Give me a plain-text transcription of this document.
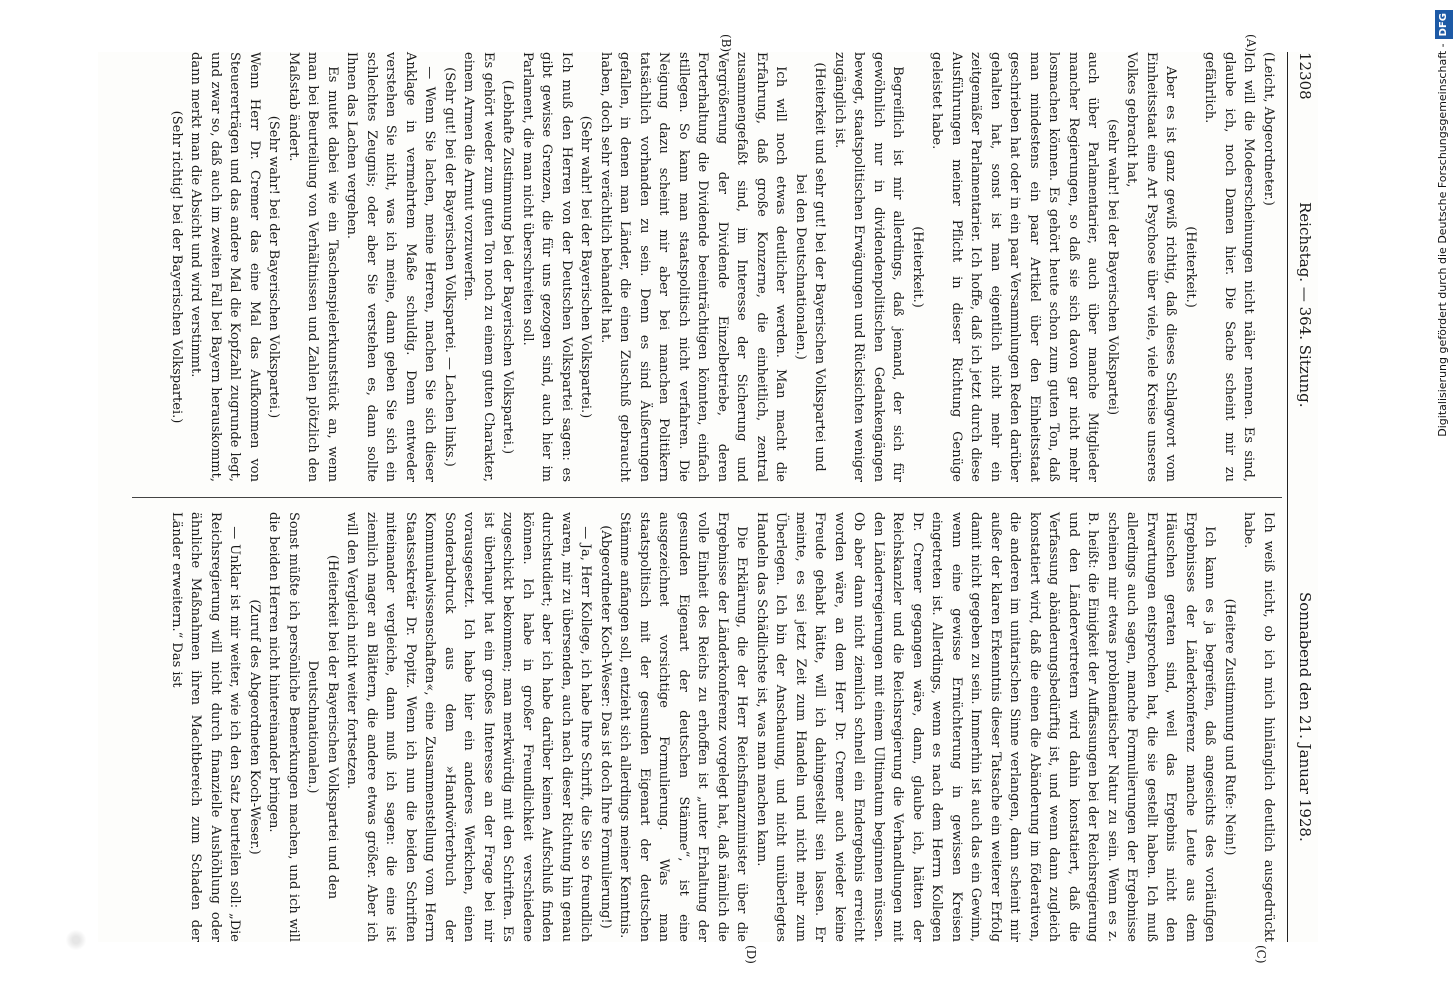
12308
Reichstag. — 364. Sitzung.
Sonnabend den 21. Januar 1928.
(A)
(B)
(C)
(D)

(Leicht, Abgeordneter.)

Ich will die Modeerscheinungen nicht näher nennen. Es sind, glaube ich, noch Damen hier. Die Sache scheint mir zu gefährlich.

(Heiterkeit.)

Aber es ist ganz gewiß richtig, daß dieses Schlagwort vom Einheitsstaat eine Art Psychose über viele, viele Kreise unseres Volkes gebracht hat,

(sehr wahr! bei der Bayerischen Volkspartei)

auch über Parlamentarier, auch über manche Mitglieder mancher Regierungen, so daß sie sich davon gar nicht mehr losmachen können. Es gehört heute schon zum guten Ton, daß man mindestens ein paar Artikel über den Einheitsstaat geschrieben hat oder in ein paar Versammlungen Reden darüber gehalten hat, sonst ist man eigentlich nicht mehr ein zeitgemäßer Parlamentarier. Ich hoffe, daß ich jetzt durch diese Ausführungen meiner Pflicht in dieser Richtung Genüge geleistet habe.

(Heiterkeit.)

Begreiflich ist mir allerdings, daß jemand, der sich für gewöhnlich nur in dividendenpolitischen Gedankengängen bewegt, staatspolitischen Erwägungen und Rücksichten weniger zugänglich ist.

(Heiterkeit und sehr gut! bei der Bayerischen Volkspartei und bei den Deutschnationalen.)

Ich will noch etwas deutlicher werden. Man macht die Erfahrung, daß große Konzerne, die einheitlich, zentral zusammengefaßt sind, im Interesse der Sicherung und Vergrößerung der Dividende Einzelbetriebe, deren Forterhaltung die Dividende beeinträchtigen könnten, einfach stillegen. So kann man staatspolitisch nicht verfahren. Die Neigung dazu scheint mir aber bei manchen Politikern tatsächlich vorhanden zu sein. Denn es sind Äußerungen gefallen, in denen man Länder, die einen Zuschuß gebraucht haben, doch sehr verächtlich behandelt hat.

(Sehr wahr! bei der Bayerischen Volkspartei.)

Ich muß den Herren von der Deutschen Volkspartei sagen: es gibt gewisse Grenzen, die für uns gezogen sind, auch hier im Parlament, die man nicht überschreiten soll.

(Lebhafte Zustimmung bei der Bayerischen Volkspartei.)

Es gehört weder zum guten Ton noch zu einem guten Charakter, einem Armen die Armut vorzuwerfen.

(Sehr gut! bei der Bayerischen Volkspartei. — Lachen links.)

— Wenn Sie lachen, meine Herren, machen Sie sich dieser Anklage in vermehrtem Maße schuldig. Denn entweder verstehen Sie nicht, was ich meine, dann geben Sie sich ein schlechtes Zeugnis; oder aber Sie verstehen es, dann sollte Ihnen das Lachen vergehen.

Es mutet dabei wie ein Taschenspielerkunststück an, wenn man bei Beurteilung von Verhältnissen und Zahlen plötzlich den Maßstab ändert.

(Sehr wahr! bei der Bayerischen Volkspartei.)

Wenn Herr Dr. Cremer das eine Mal das Aufkommen von Steuererträgen und das andere Mal die Kopfzahl zugrunde legt, und zwar so, daß auch im zweiten Fall bei Bayern herauskommt, dann merkt man die Absicht und wird verstimmt.

(Sehr richtig! bei der Bayerischen Volkspartei.)

Ich weiß nicht, ob ich mich hinlänglich deutlich ausgedrückt habe.

(Heitere Zustimmung und Rufe: Nein!)

Ich kann es ja begreifen, daß angesichts des vorläufigen Ergebnisses der Länderkonferenz manche Leute aus dem Häuschen geraten sind, weil das Ergebnis nicht den Erwartungen entsprochen hat, die sie gestellt haben. Ich muß allerdings auch sagen, manche Formulierungen der Ergebnisse scheinen mir etwas problematischer Natur zu sein. Wenn es z. B. heißt: die Einigkeit der Auffassungen bei der Reichsregierung und den Ländervertretern wird dahin konstatiert, daß die Verfassung abänderungsbedürftig ist, und wenn dann zugleich konstatiert wird, daß die einen die Abänderung im föderativen, die anderen im unitarischen Sinne verlangen, dann scheint mir außer der klaren Erkenntnis dieser Tatsache ein weiterer Erfolg damit nicht gegeben zu sein. Immerhin ist auch das ein Gewinn, wenn eine gewisse Ernüchterung in gewissen Kreisen eingetreten ist. Allerdings, wenn es nach dem Herrn Kollegen Dr. Cremer gegangen wäre, dann, glaube ich, hätten der Reichskanzler und die Reichsregierung die Verhandlungen mit den Länderregierungen mit einem Ultimatum beginnen müssen. Ob aber dann nicht ziemlich schnell ein Endergebnis erreicht worden wäre, an dem Herr Dr. Cremer auch wieder keine Freude gehabt hätte, will ich dahingestellt sein lassen. Er meinte, es sei jetzt Zeit zum Handeln und nicht mehr zum Überlegen. Ich bin der Anschauung, und nicht unüberlegtes Handeln das Schädlichste ist, was man machen kann.

Die Erklärung, die der Herr Reichsfinanzminister über die Ergebnisse der Länderkonferenz vorgelegt hat, daß nämlich die volle Einheit des Reichs zu erhoffen ist „unter Erhaltung der gesunden Eigenart der deutschen Stämme“, ist eine ausgezeichnet vorsichtige Formulierung. Was man staatspolitisch mit der gesunden Eigenart der deutschen Stämme anfangen soll, entzieht sich allerdings meiner Kenntnis.

(Abgeordneter Koch-Weser: Das ist doch Ihre Formulierung!)

— Ja, Herr Kollege, ich habe Ihre Schrift, die Sie so freundlich waren, mir zu übersenden, auch nach dieser Richtung hin genau durchstudiert; aber ich habe darüber keinen Aufschluß finden können. Ich habe in großer Freundlichkeit verschiedene zugeschickt bekommen; man merkwürdig mit den Schriften. Es ist überhaupt hat ein großes Interesse an der Frage bei mir vorausgesetzt. Ich habe hier ein anderes Werkchen, einen Sonderabdruck aus dem »Handwörterbuch der Kommunalwissenschaften«, eine Zusammenstellung vom Herrn Staatssekretär Dr. Popitz. Wenn ich nun die beiden Schriften miteinander vergleiche, dann muß ich sagen: die eine ist ziemlich mager an Blättern, die andere etwas größer. Aber ich will den Vergleich nicht weiter fortsetzen.

(Heiterkeit bei der Bayerischen Volkspartei und den Deutschnationalen.)

Sonst müßte ich persönliche Bemerkungen machen, und ich will die beiden Herren nicht hintereinander bringen.

(Zuruf des Abgeordneten Koch-Weser.)

— Unklar ist mir weiter, wie ich den Satz beurteilen soll: „Die Reichsregierung will nicht durch finanzielle Aushöhlung oder ähnliche Maßnahmen ihren Machtbereich zum Schaden der Länder erweitern.“ Das ist

Digitalisierung gefördert durch die Deutsche Forschungsgemeinschaft -DFG
